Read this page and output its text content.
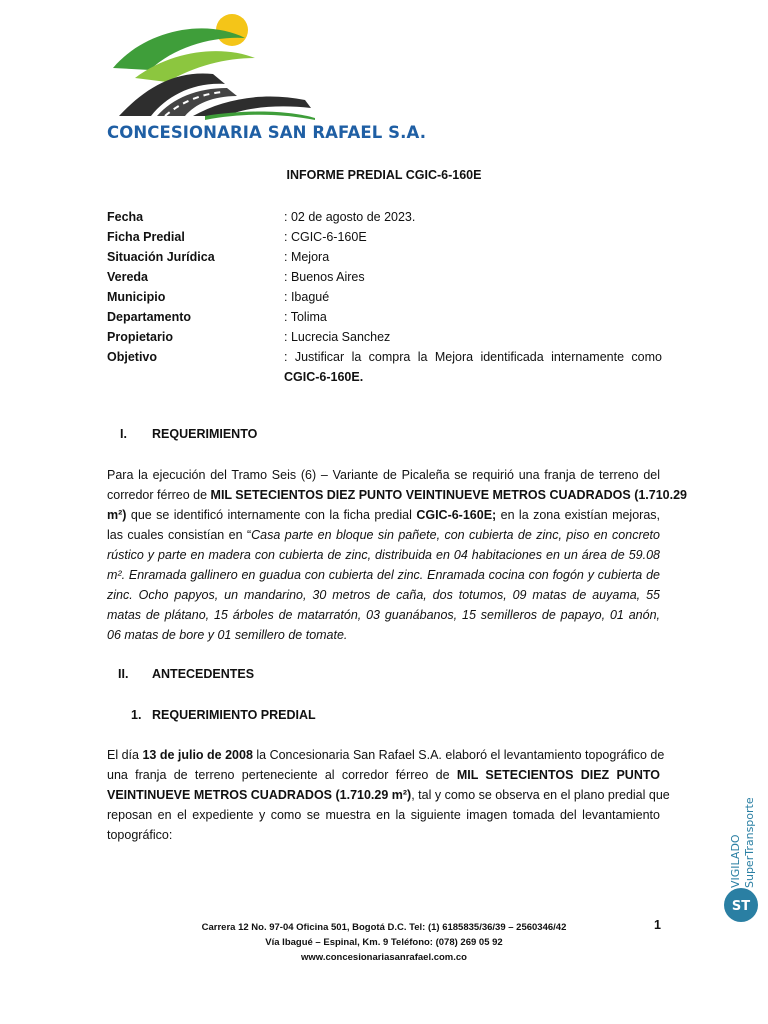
CONCESIONARIA SAN RAFAEL S.A.
INFORME PREDIAL CGIC-6-160E
Fecha	: 02 de agosto de 2023.
Ficha Predial	: CGIC-6-160E
Situación Jurídica	: Mejora
Vereda	: Buenos Aires
Municipio	: Ibagué
Departamento	: Tolima
Propietario	: Lucrecia Sanchez
Objetivo	: Justificar la compra la Mejora identificada internamente como
CGIC-6-160E.
I. REQUERIMIENTO
Para la ejecución del Tramo Seis (6) – Variante de Picaleña se requirió una franja de terreno del
corredor férreo de MIL SETECIENTOS DIEZ PUNTO VEINTINUEVE METROS CUADRADOS (1.710.29
m²) que se identificó internamente con la ficha predial CGIC-6-160E; en la zona existían mejoras,
las cuales consistían en “Casa parte en bloque sin pañete, con cubierta de zinc, piso en concreto
rústico y parte en madera con cubierta de zinc, distribuida en 04 habitaciones en un área de 59.08
m². Enramada gallinero en guadua con cubierta del zinc. Enramada cocina con fogón y cubierta de
zinc. Ocho papyos, un mandarino, 30 metros de caña, dos totumos, 09 matas de auyama, 55
matas de plátano, 15 árboles de matarratón, 03 guanábanos, 15 semilleros de papayo, 01 anón,
06 matas de bore y 01 semillero de tomate.
II. ANTECEDENTES
1. REQUERIMIENTO PREDIAL
El día 13 de julio de 2008 la Concesionaria San Rafael S.A. elaboró el levantamiento topográfico de
una franja de terreno perteneciente al corredor férreo de MIL SETECIENTOS DIEZ PUNTO
VEINTINUEVE METROS CUADRADOS (1.710.29 m²), tal y como se observa en el plano predial que
reposan en el expediente y como se muestra en la siguiente imagen tomada del levantamiento
topográfico:	VIGILADO SuperTransporte
ST
Carrera 12 No. 97-04 Oficina 501, Bogotá D.C. Tel: (1) 6185835/36/39 – 2560346/42
Vía Ibagué – Espinal, Km. 9 Teléfono: (078) 269 05 92
www.concesionariasanrafael.com.co
1
